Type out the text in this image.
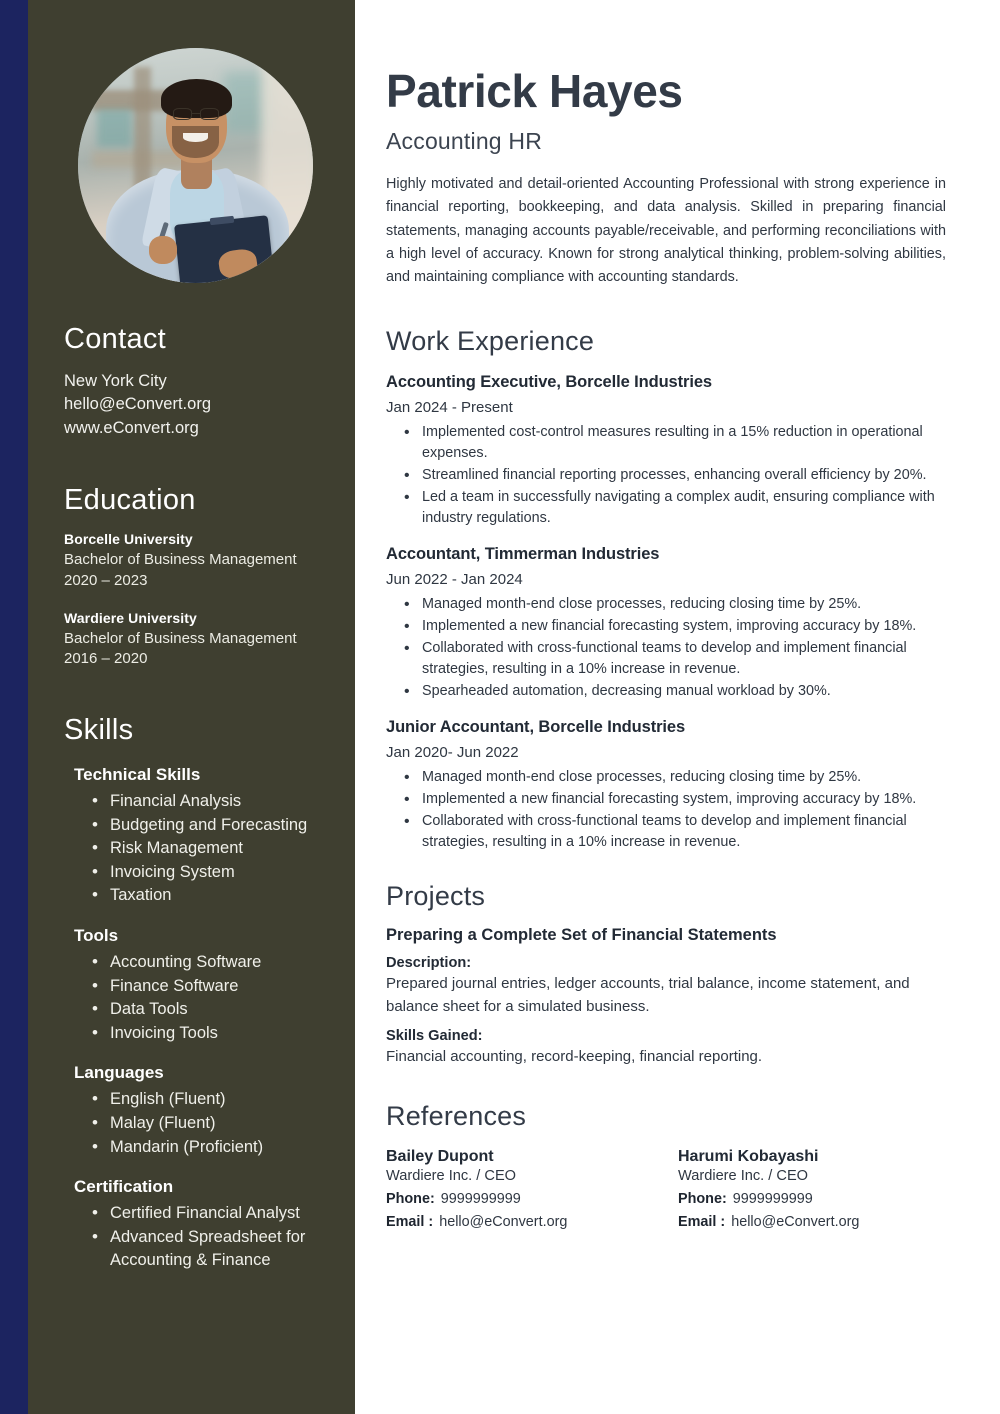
Contact
New York City
hello@eConvert.org
www.eConvert.org
Education
Borcelle University
Bachelor of Business Management
2020 – 2023
Wardiere University
Bachelor of Business Management
2016 – 2020
Skills
Technical Skills
• Financial Analysis
• Budgeting and Forecasting
• Risk Management
• Invoicing System
• Taxation
Tools
• Accounting Software
• Finance Software
• Data Tools
• Invoicing Tools
Languages
• English (Fluent)
• Malay (Fluent)
• Mandarin (Proficient)
Certification
• Certified Financial Analyst
• Advanced Spreadsheet for Accounting & Finance
Patrick Hayes
Accounting HR

Highly motivated and detail-oriented Accounting Professional with strong experience in financial reporting, bookkeeping, and data analysis. Skilled in preparing financial statements, managing accounts payable/receivable, and performing reconciliations with a high level of accuracy. Known for strong analytical thinking, problem-solving abilities, and maintaining compliance with accounting standards.

Work Experience
Accounting Executive, Borcelle Industries
Jan 2024 - Present
• Implemented cost-control measures resulting in a 15% reduction in operational expenses.
• Streamlined financial reporting processes, enhancing overall efficiency by 20%.
• Led a team in successfully navigating a complex audit, ensuring compliance with industry regulations.
Accountant, Timmerman Industries
Jun 2022 - Jan 2024
• Managed month-end close processes, reducing closing time by 25%.
• Implemented a new financial forecasting system, improving accuracy by 18%.
• Collaborated with cross-functional teams to develop and implement financial strategies, resulting in a 10% increase in revenue.
• Spearheaded automation, decreasing manual workload by 30%.
Junior Accountant, Borcelle Industries
Jan 2020- Jun 2022
• Managed month-end close processes, reducing closing time by 25%.
• Implemented a new financial forecasting system, improving accuracy by 18%.
• Collaborated with cross-functional teams to develop and implement financial strategies, resulting in a 10% increase in revenue.
Projects
Preparing a Complete Set of Financial Statements
Description:
Prepared journal entries, ledger accounts, trial balance, income statement, and balance sheet for a simulated business.
Skills Gained:
Financial accounting, record-keeping, financial reporting.
References
Bailey Dupont
Wardiere Inc. / CEO
Phone: 9999999999
Email : hello@eConvert.org
Harumi Kobayashi
Wardiere Inc. / CEO
Phone: 9999999999
Email : hello@eConvert.org
